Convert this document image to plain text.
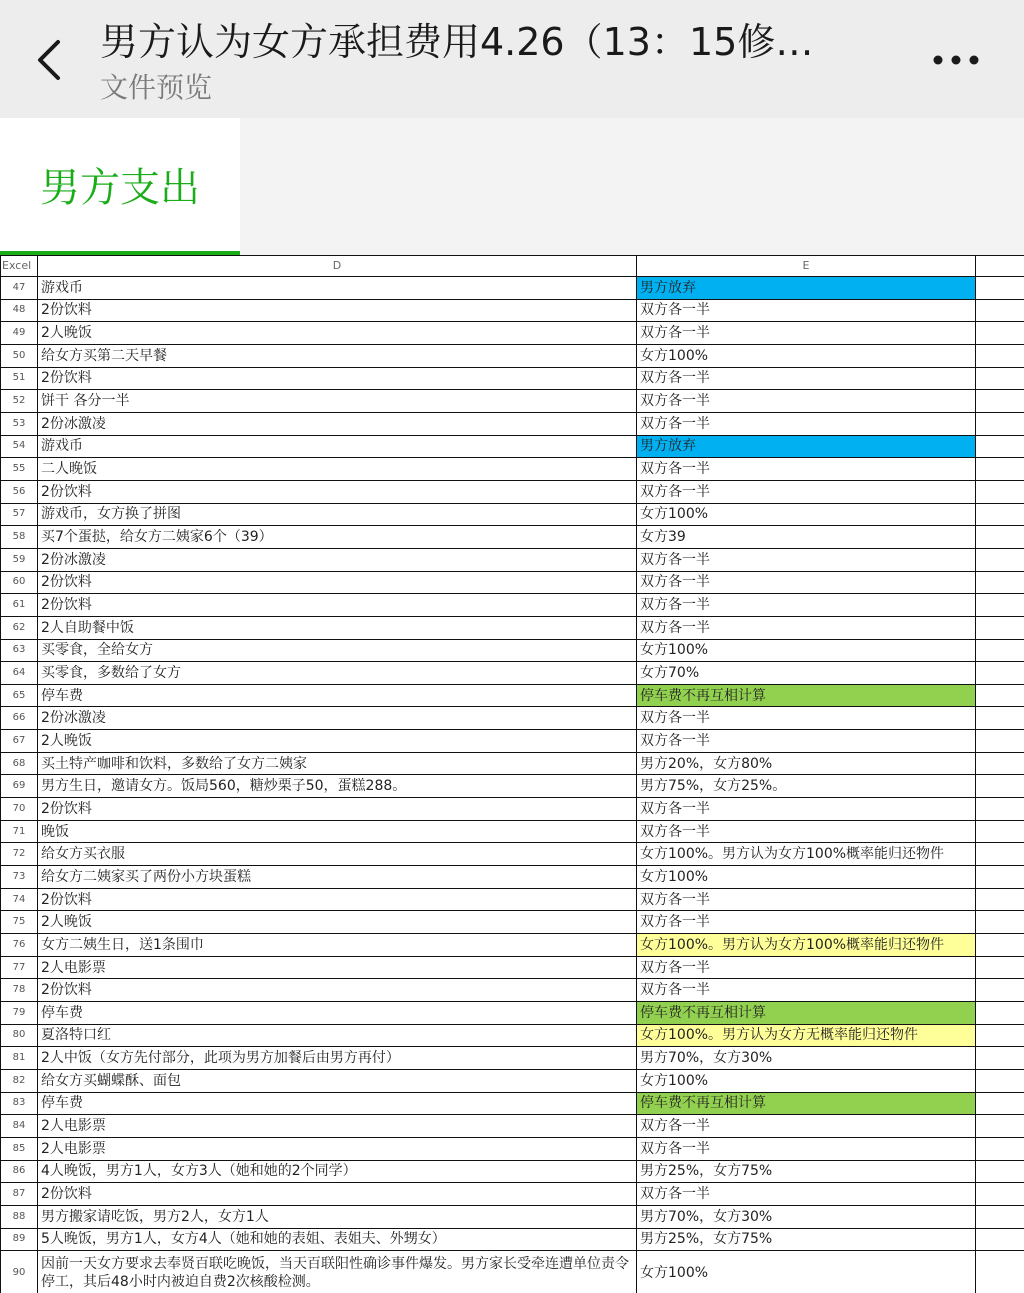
男方认为女方承担费用4.26（13：15修…
文件预览
男方支出
Excel	D	E	
47	游戏币	男方放弃	
48	2份饮料	双方各一半	
49	2人晚饭	双方各一半	
50	给女方买第二天早餐	女方100%	
51	2份饮料	双方各一半	
52	饼干 各分一半	双方各一半	
53	2份冰激凌	双方各一半	
54	游戏币	男方放弃	
55	二人晚饭	双方各一半	
56	2份饮料	双方各一半	
57	游戏币，女方换了拼图	女方100%	
58	买7个蛋挞，给女方二姨家6个（39）	女方39	
59	2份冰激凌	双方各一半	
60	2份饮料	双方各一半	
61	2份饮料	双方各一半	
62	2人自助餐中饭	双方各一半	
63	买零食，全给女方	女方100%	
64	买零食，多数给了女方	女方70%	
65	停车费	停车费不再互相计算	
66	2份冰激凌	双方各一半	
67	2人晚饭	双方各一半	
68	买土特产咖啡和饮料，多数给了女方二姨家	男方20%，女方80%	
69	男方生日，邀请女方。饭局560，糖炒栗子50，蛋糕288。	男方75%，女方25%。	
70	2份饮料	双方各一半	
71	晚饭	双方各一半	
72	给女方买衣服	女方100%。男方认为女方100%概率能归还物件	
73	给女方二姨家买了两份小方块蛋糕	女方100%	
74	2份饮料	双方各一半	
75	2人晚饭	双方各一半	
76	女方二姨生日，送1条围巾	女方100%。男方认为女方100%概率能归还物件	
77	2人电影票	双方各一半	
78	2份饮料	双方各一半	
79	停车费	停车费不再互相计算	
80	夏洛特口红	女方100%。男方认为女方无概率能归还物件	
81	2人中饭（女方先付部分，此项为男方加餐后由男方再付）	男方70%，女方30%	
82	给女方买蝴蝶酥、面包	女方100%	
83	停车费	停车费不再互相计算	
84	2人电影票	双方各一半	
85	2人电影票	双方各一半	
86	4人晚饭，男方1人，女方3人（她和她的2个同学）	男方25%，女方75%	
87	2份饮料	双方各一半	
88	男方搬家请吃饭，男方2人，女方1人	男方70%，女方30%	
89	5人晚饭，男方1人，女方4人（她和她的表姐、表姐夫、外甥女）	男方25%，女方75%	
90	因前一天女方要求去奉贤百联吃晚饭，当天百联阳性确诊事件爆发。男方家长受牵连遭单位责令停工，其后48小时内被迫自费2次核酸检测。	女方100%	
